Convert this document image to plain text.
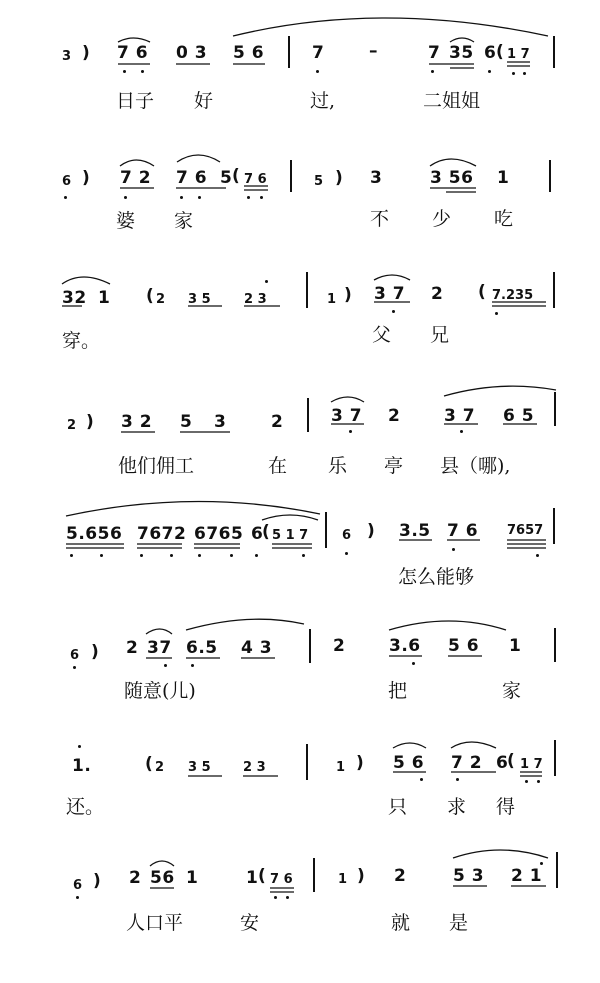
3 ) 7 6 0 3 5 6	7	–	7 35 6 ( 1 7
日子 好	过,	二姐姐
6 ) 7 2 7 6 5 ( 7 6	5 ) 3	3 56 1
婆 家	不 少 吃
32 1 ( 2 3 5	2 3	1 ) 3 7 2 ( 7.235
穿。	父 兄
2 ) 3 2 5 3	2	3 7 2	3 7 6 5
他们佣工	在 乐 亭 县（哪),
5.656 7672 6765 6
( 5 1 7	6 ) 3.5 7 6 7657
怎么能够
6 ) 2 37 6.5 4 3	2	3.6 5 6 1
随意(儿)	把	家
1.	( 2 3 5 2 3	1 ) 5 6 7 2 6
( 1 7
还。	只 求 得
6 ) 2 56 1	1 ( 7 6	1 ) 2	5 3 2 1
人口平	安	就 是
